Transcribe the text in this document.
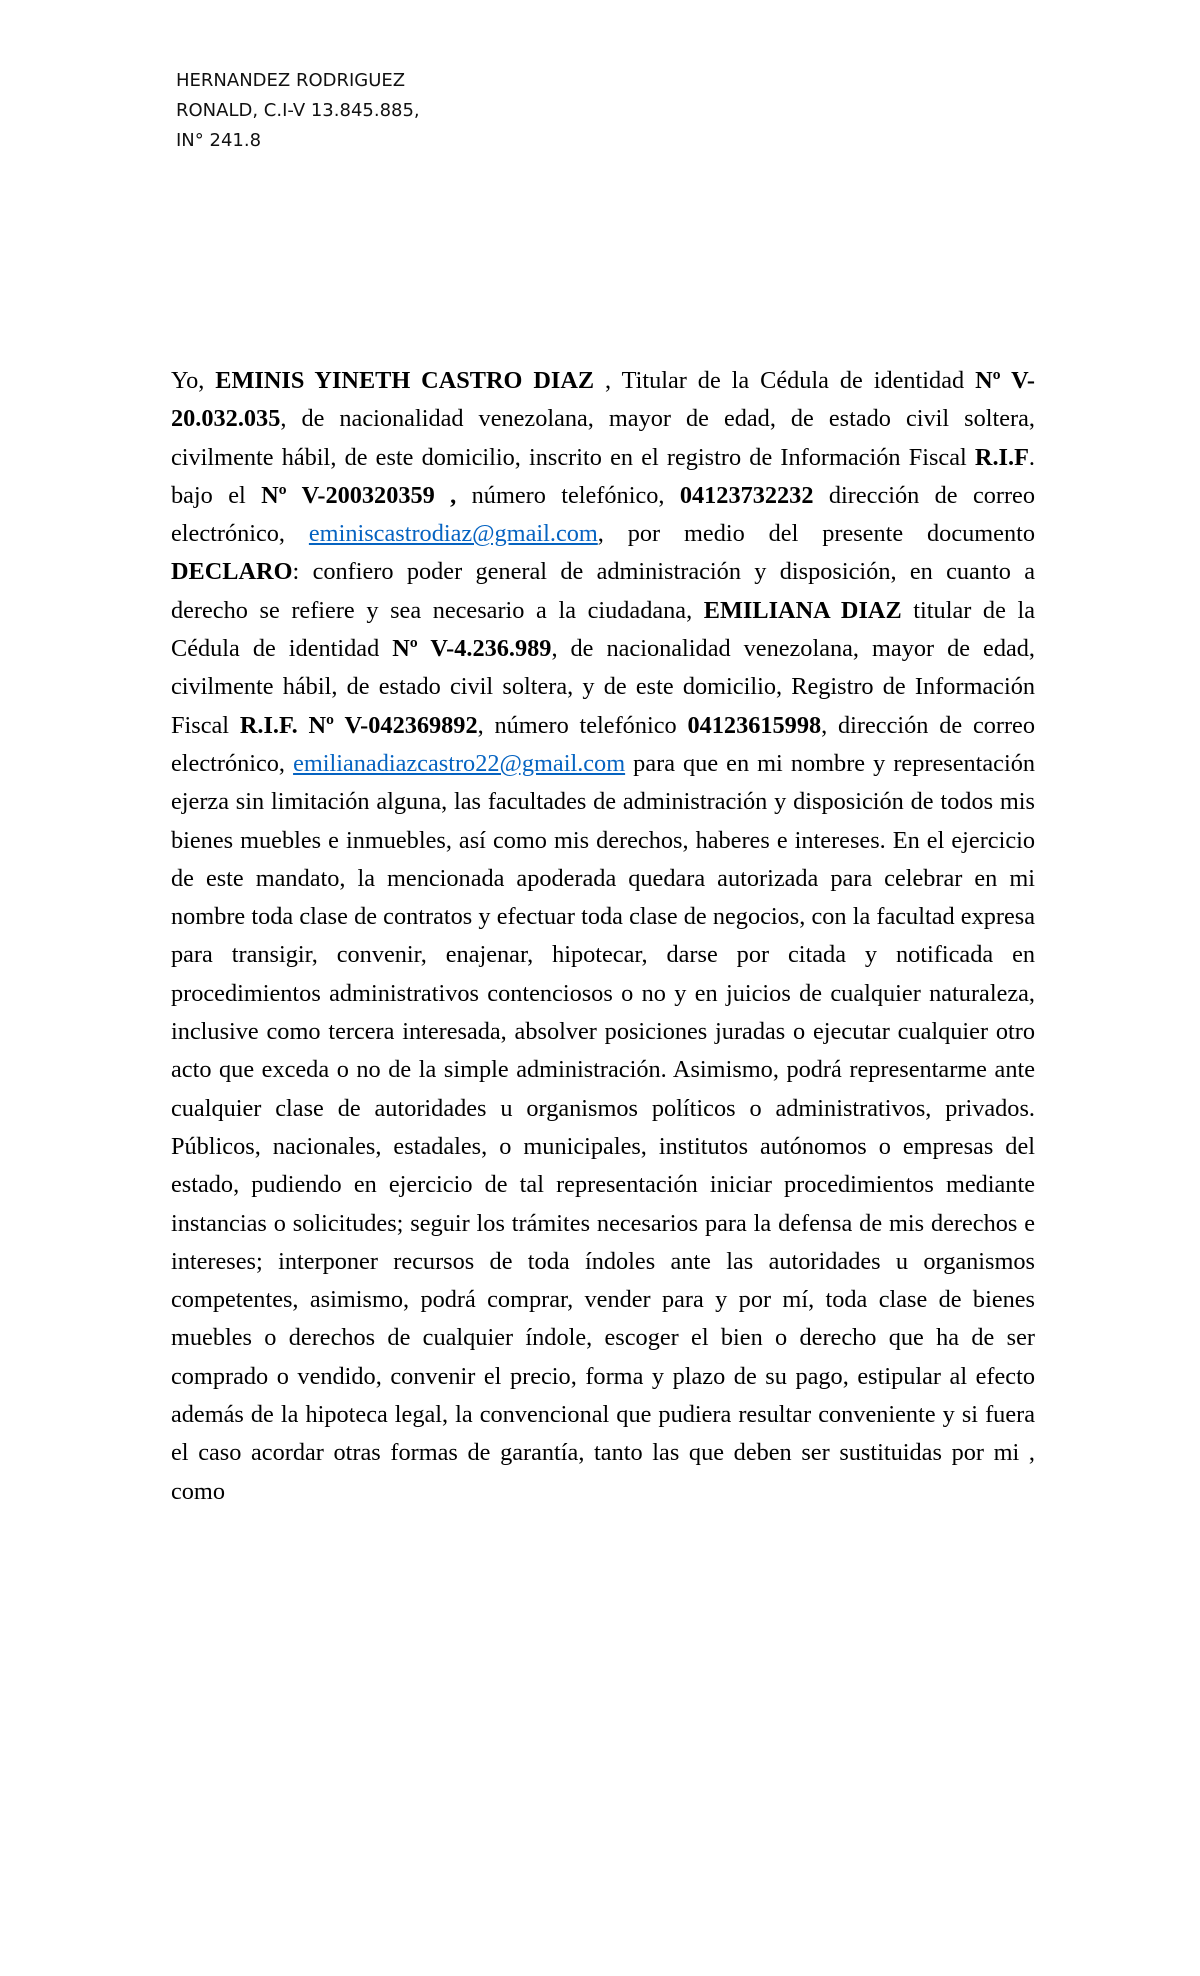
HERNANDEZ RODRIGUEZ
RONALD, C.I-V 13.845.885,
IN° 241.8

Yo, EMINIS YINETH CASTRO DIAZ , Titular de la Cédula de identidad Nº V-20.032.035, de nacionalidad venezolana, mayor de edad, de estado civil soltera, civilmente hábil, de este domicilio, inscrito en el registro de Información Fiscal R.I.F. bajo el Nº V-200320359 , número telefónico, 04123732232 dirección de correo electrónico, eminiscastrodiaz@gmail.com, por medio del presente documento DECLARO: confiero poder general de administración y disposición, en cuanto a derecho se refiere y sea necesario a la ciudadana, EMILIANA DIAZ titular de la Cédula de identidad Nº V-4.236.989, de nacionalidad venezolana, mayor de edad, civilmente hábil, de estado civil soltera, y de este domicilio, Registro de Información Fiscal R.I.F. Nº V-042369892, número telefónico 04123615998, dirección de correo electrónico, emilianadiazcastro22@gmail.com para que en mi nombre y representación ejerza sin limitación alguna, las facultades de administración y disposición de todos mis bienes muebles e inmuebles, así como mis derechos, haberes e intereses. En el ejercicio de este mandato, la mencionada apoderada quedara autorizada para celebrar en mi nombre toda clase de contratos y efectuar toda clase de negocios, con la facultad expresa para transigir, convenir, enajenar, hipotecar, darse por citada y notificada en procedimientos administrativos contenciosos o no y en juicios de cualquier naturaleza, inclusive como tercera interesada, absolver posiciones juradas o ejecutar cualquier otro acto que exceda o no de la simple administración. Asimismo, podrá representarme ante cualquier clase de autoridades u organismos políticos o administrativos, privados. Públicos, nacionales, estadales, o municipales, institutos autónomos o empresas del estado, pudiendo en ejercicio de tal representación iniciar procedimientos mediante instancias o solicitudes; seguir los trámites necesarios para la defensa de mis derechos e intereses; interponer recursos de toda índoles ante las autoridades u organismos competentes, asimismo, podrá comprar, vender para y por mí, toda clase de bienes muebles o derechos de cualquier índole, escoger el bien o derecho que ha de ser comprado o vendido, convenir el precio, forma y plazo de su pago, estipular al efecto además de la hipoteca legal, la convencional que pudiera resultar conveniente y si fuera el caso acordar otras formas de garantía, tanto las que deben ser sustituidas por mi , como
